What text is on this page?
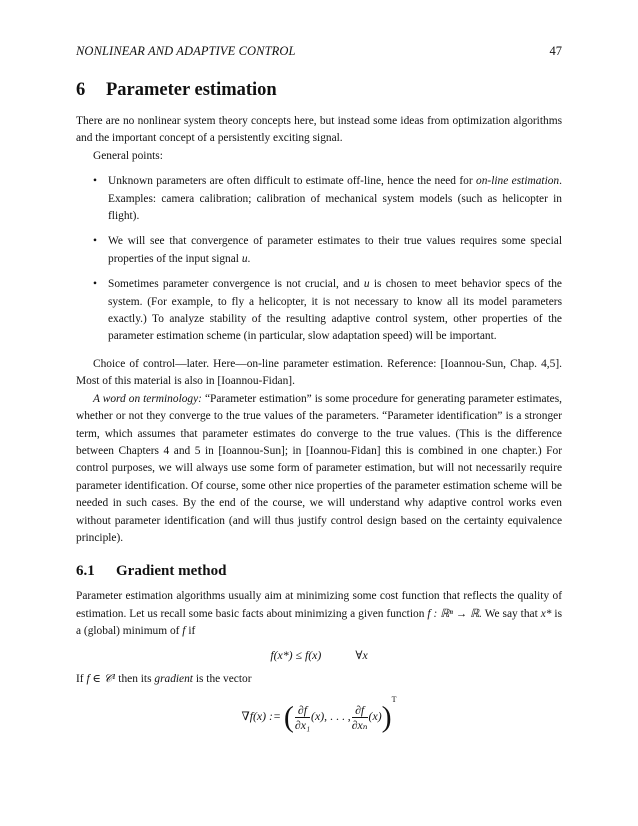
NONLINEAR AND ADAPTIVE CONTROL	47
6 Parameter estimation

There are no nonlinear system theory concepts here, but instead some ideas from optimization algorithms and the important concept of a persistently exciting signal.

General points:

• Unknown parameters are often difficult to estimate off-line, hence the need for on-line estimation. Examples: camera calibration; calibration of mechanical system models (such as helicopter in flight).
• We will see that convergence of parameter estimates to their true values requires some special properties of the input signal u.
• Sometimes parameter convergence is not crucial, and u is chosen to meet behavior specs of the system. (For example, to fly a helicopter, it is not necessary to know all its model parameters exactly.) To analyze stability of the resulting adaptive control system, other properties of the parameter estimation scheme (in particular, slow adaptation speed) will be important.

Choice of control—later. Here—on-line parameter estimation. Reference: [Ioannou-Sun, Chap. 4,5]. Most of this material is also in [Ioannou-Fidan].

A word on terminology: “Parameter estimation” is some procedure for generating parameter estimates, whether or not they converge to the true values of the parameters. “Parameter identification” is a stronger term, which assumes that parameter estimates do converge to the true values. (This is the difference between Chapters 4 and 5 in [Ioannou-Sun]; in [Ioannou-Fidan] this is combined in one chapter.) For control purposes, we will always use some form of parameter estimation, but will not necessarily require parameter identification. Of course, some other nice properties of the parameter estimation scheme will be needed in such cases. By the end of the course, we will understand why adaptive control works even without parameter identification (and will thus justify control design based on the certainty equivalence principle).

6.1 Gradient method

Parameter estimation algorithms usually aim at minimizing some cost function that reflects the quality of estimation. Let us recall some basic facts about minimizing a given function f : ℝⁿ → ℝ. We say that x* is a (global) minimum of f if

f(x*) ≤ f(x)	∀x

If f ∈ 𝒞¹ then its gradient is the vector

∇f(x) := ( $\frac{\partial f}{\text{∂x₁}} (x)$, . . . , $\frac{\partial f}{\text{∂xₙ}} (x))^T$
